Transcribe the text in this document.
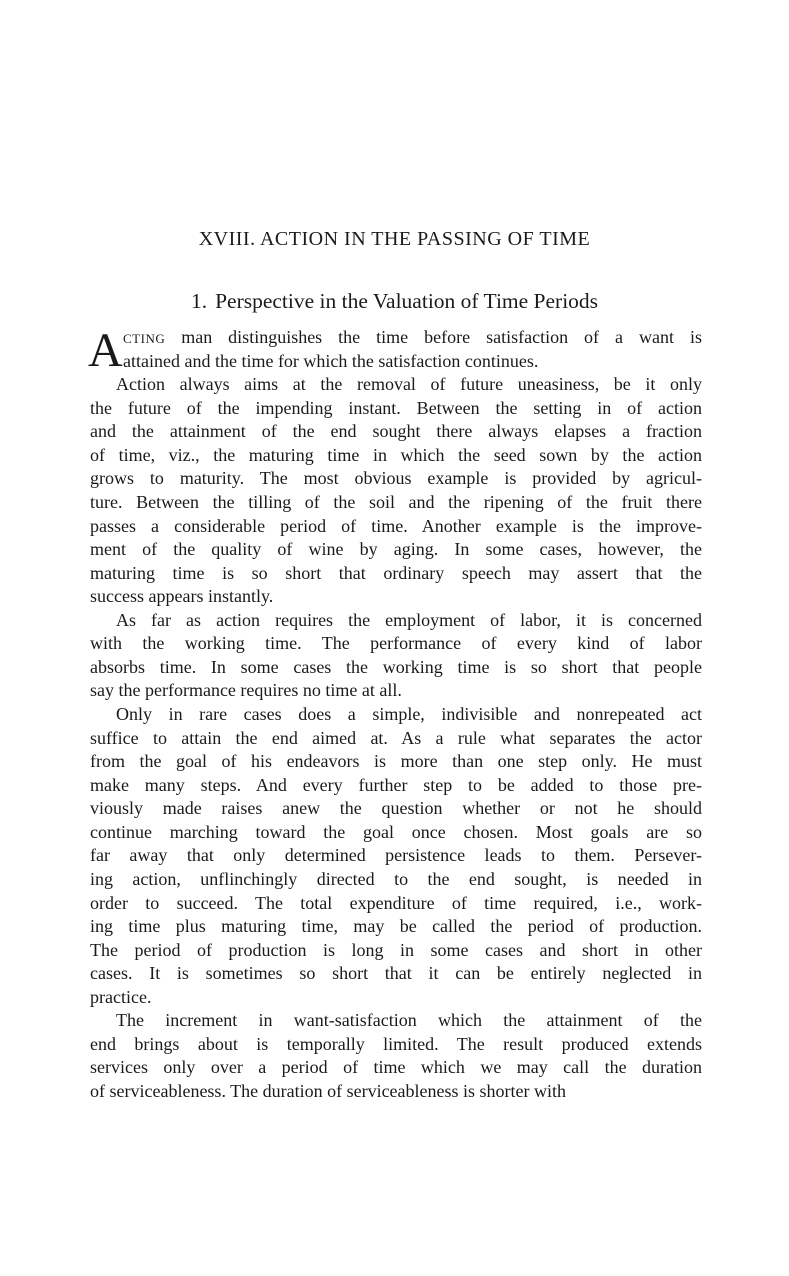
XVIII. ACTION IN THE PASSING OF TIME
1. Perspective in the Valuation of Time Periods
A CTING man distinguishes the time before satisfaction of a want is
attained and the time for which the satisfaction continues.
Action always aims at the removal of future uneasiness, be it only
the future of the impending instant. Between the setting in of action
and the attainment of the end sought there always elapses a fraction
of time, viz., the maturing time in which the seed sown by the action
grows to maturity. The most obvious example is provided by agricul-
ture. Between the tilling of the soil and the ripening of the fruit there
passes a considerable period of time. Another example is the improve-
ment of the quality of wine by aging. In some cases, however, the
maturing time is so short that ordinary speech may assert that the
success appears instantly.
As far as action requires the employment of labor, it is concerned
with the working time. The performance of every kind of labor
absorbs time. In some cases the working time is so short that people
say the performance requires no time at all.
Only in rare cases does a simple, indivisible and nonrepeated act
suffice to attain the end aimed at. As a rule what separates the actor
from the goal of his endeavors is more than one step only. He must
make many steps. And every further step to be added to those pre-
viously made raises anew the question whether or not he should
continue marching toward the goal once chosen. Most goals are so
far away that only determined persistence leads to them. Persever-
ing action, unflinchingly directed to the end sought, is needed in
order to succeed. The total expenditure of time required, i.e., work-
ing time plus maturing time, may be called the period of production.
The period of production is long in some cases and short in other
cases. It is sometimes so short that it can be entirely neglected in
practice.
The increment in want-satisfaction which the attainment of the
end brings about is temporally limited. The result produced extends
services only over a period of time which we may call the duration
of serviceableness. The duration of serviceableness is shorter with
